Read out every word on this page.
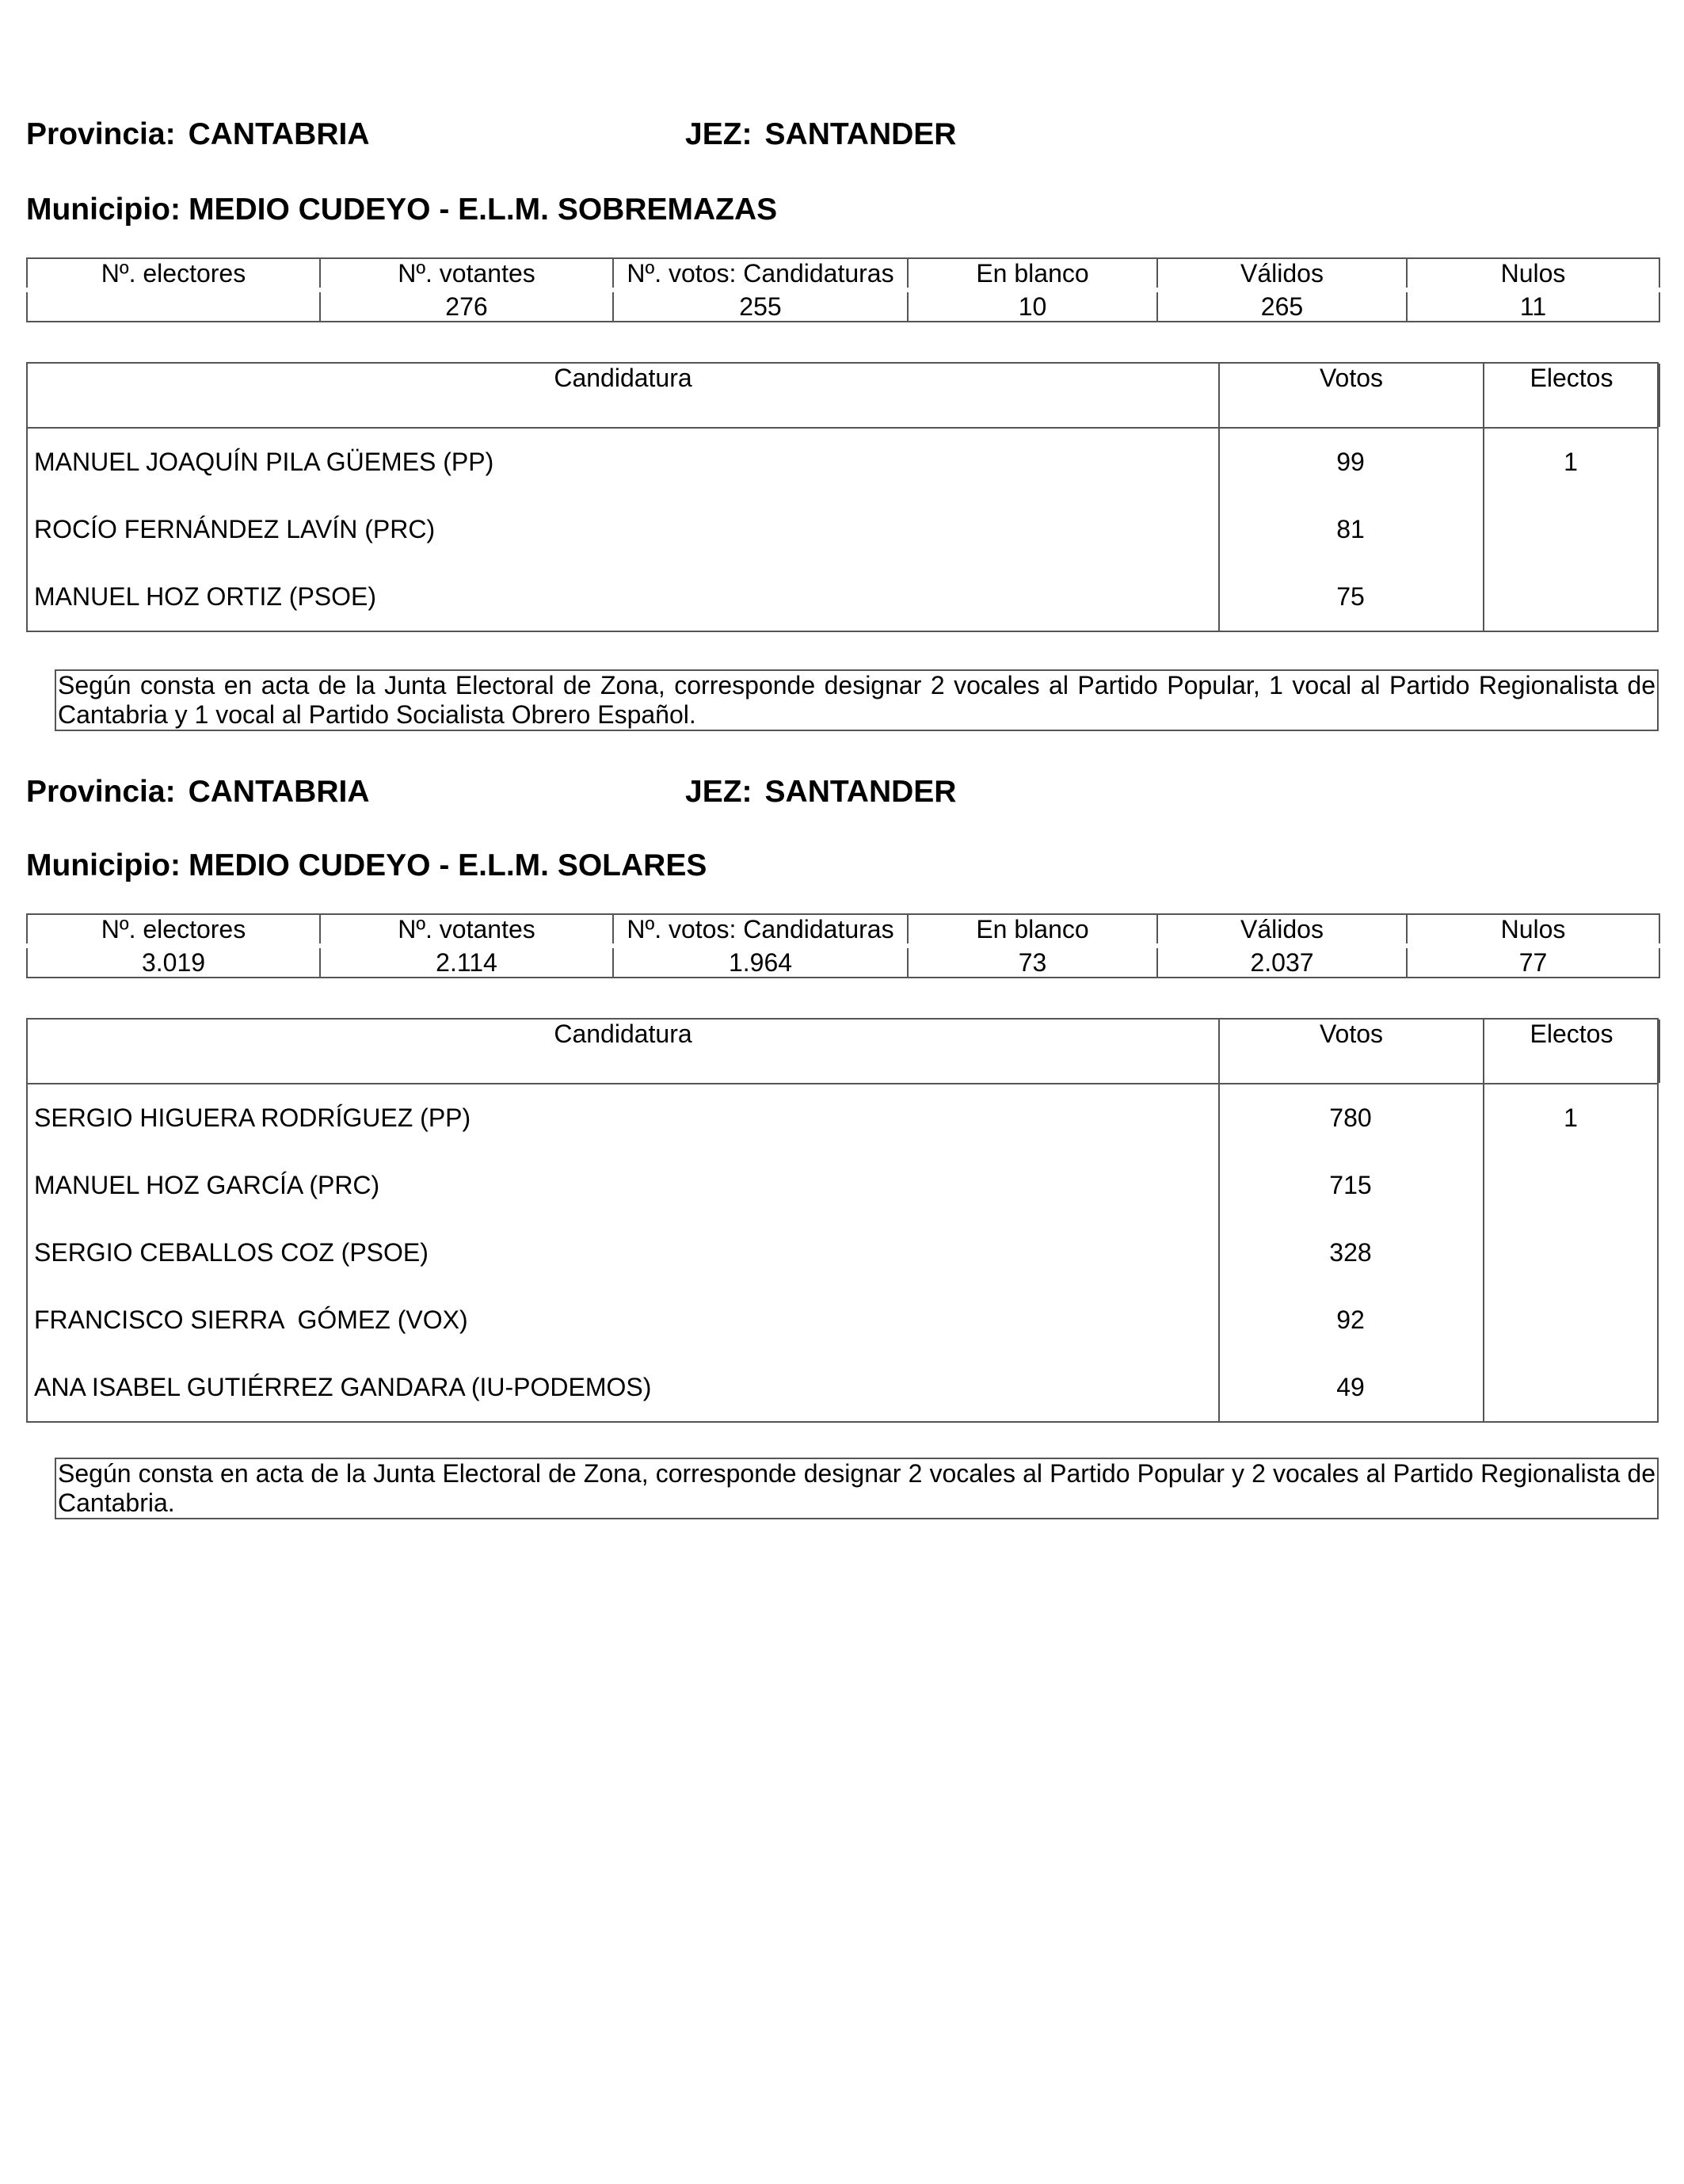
Provincia: CANTABRIA	JEZ: SANTANDER
Municipio: MEDIO CUDEYO - E.L.M. SOBREMAZAS
Nº. electores	Nº. votantes	Nº. votos: Candidaturas	En blanco	Válidos	Nulos
	276	255	10	265	11
Candidatura	Votos	Electos
MANUEL JOAQUÍN PILA GÜEMES (PP)	99	1
ROCÍO FERNÁNDEZ LAVÍN (PRC)	81
MANUEL HOZ ORTIZ (PSOE)	75
Según consta en acta de la Junta Electoral de Zona, corresponde designar 2 vocales al Partido Popular, 1 vocal al Partido Regionalista de Cantabria y 1 vocal al Partido Socialista Obrero Español.
Provincia: CANTABRIA	JEZ: SANTANDER
Municipio: MEDIO CUDEYO - E.L.M. SOLARES
Nº. electores	Nº. votantes	Nº. votos: Candidaturas	En blanco	Válidos	Nulos
3.019	2.114	1.964	73	2.037	77
Candidatura	Votos	Electos
SERGIO HIGUERA RODRÍGUEZ (PP)	780	1
MANUEL HOZ GARCÍA (PRC)	715
SERGIO CEBALLOS COZ (PSOE)	328
FRANCISCO SIERRA  GÓMEZ (VOX)	92
ANA ISABEL GUTIÉRREZ GANDARA (IU-PODEMOS)	49
Según consta en acta de la Junta Electoral de Zona, corresponde designar 2 vocales al Partido Popular y 2 vocales al Partido Regionalista de Cantabria.
